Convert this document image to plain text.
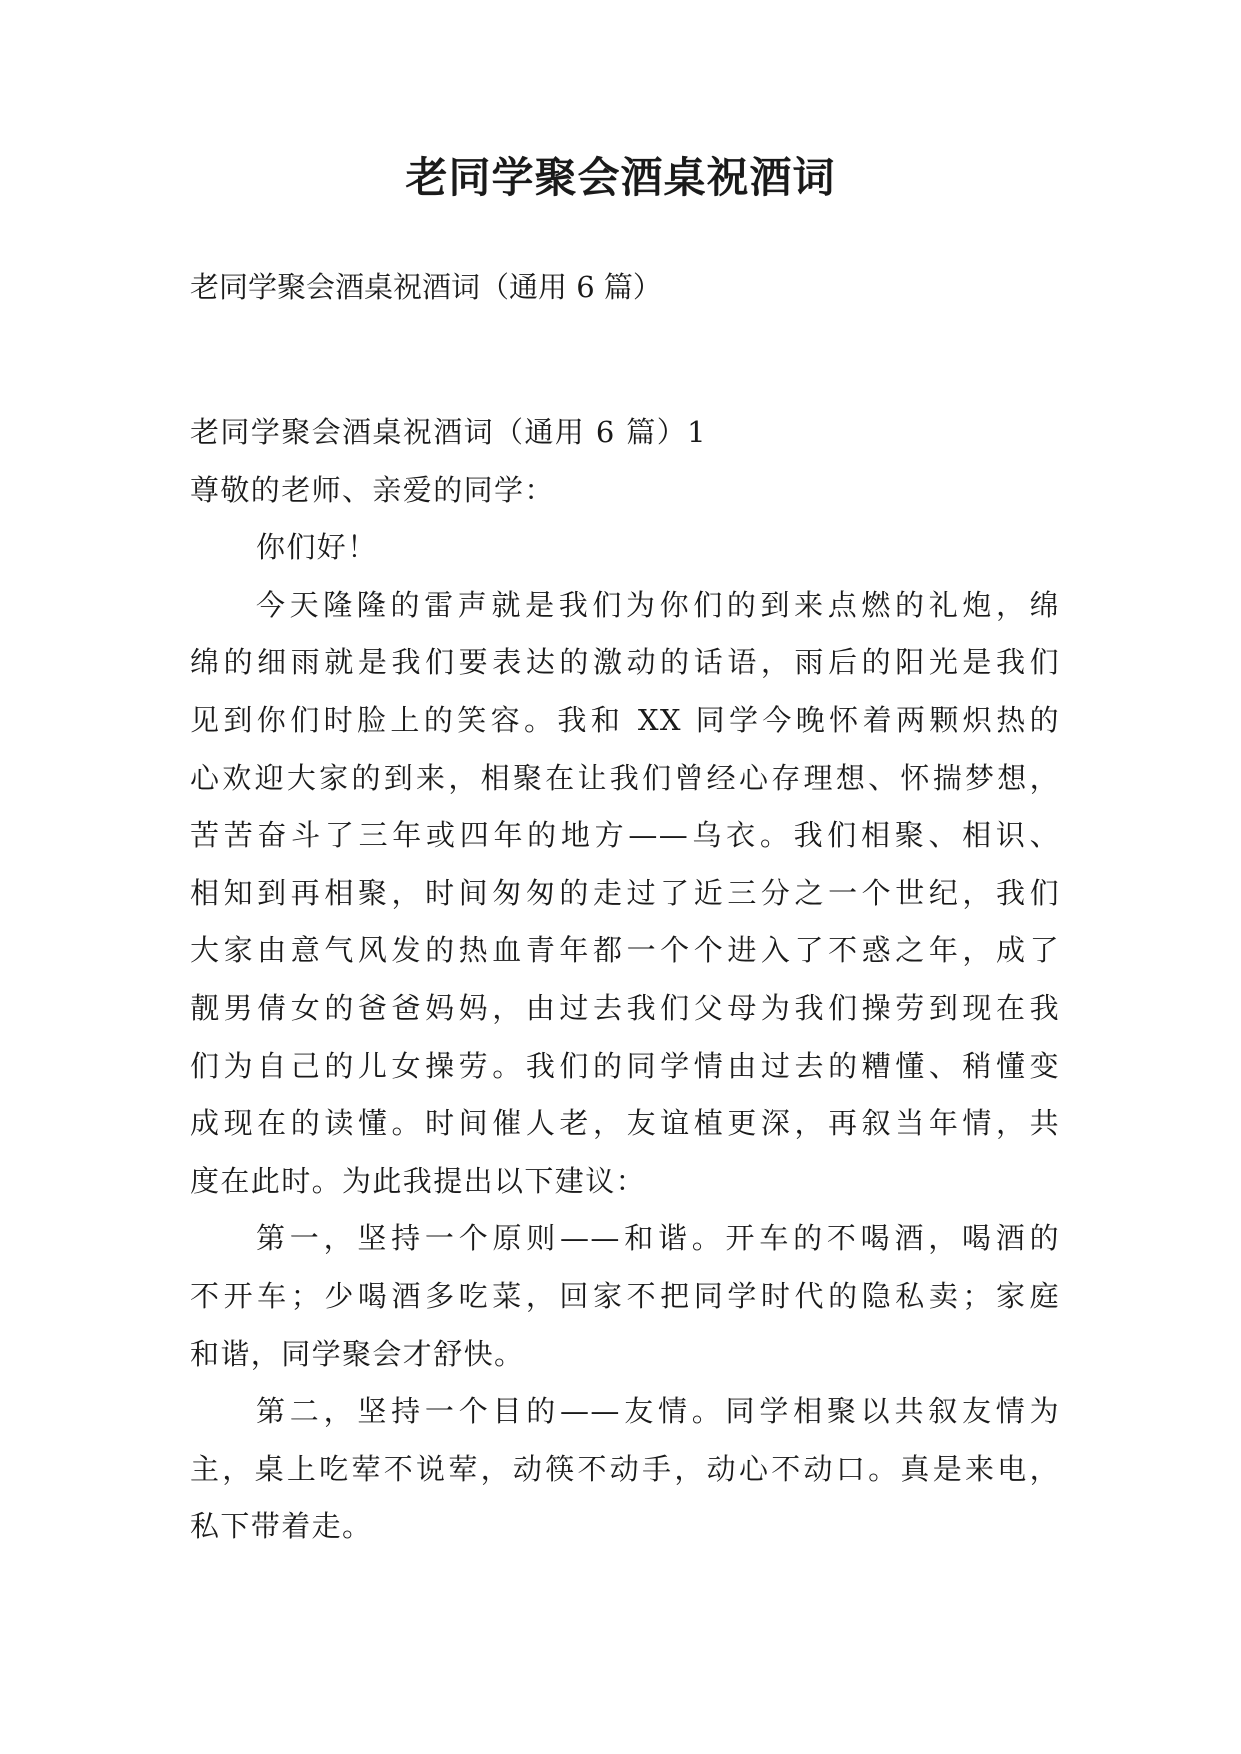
老同学聚会酒桌祝酒词

老同学聚会酒桌祝酒词（通用 6 篇）

老同学聚会酒桌祝酒词（通用 6 篇）1

尊敬的老师、亲爱的同学：

你们好！

今天隆隆的雷声就是我们为你们的到来点燃的礼炮，绵

绵的细雨就是我们要表达的激动的话语，雨后的阳光是我们

见到你们时脸上的笑容。我和 XX 同学今晚怀着两颗炽热的

心欢迎大家的到来，相聚在让我们曾经心存理想、怀揣梦想，

苦苦奋斗了三年或四年的地方——乌衣。我们相聚、相识、

相知到再相聚，时间匆匆的走过了近三分之一个世纪，我们

大家由意气风发的热血青年都一个个进入了不惑之年，成了

靓男倩女的爸爸妈妈，由过去我们父母为我们操劳到现在我

们为自己的儿女操劳。我们的同学情由过去的糟懂、稍懂变

成现在的读懂。时间催人老，友谊植更深，再叙当年情，共

度在此时。为此我提出以下建议：

第一，坚持一个原则——和谐。开车的不喝酒，喝酒的

不开车；少喝酒多吃菜，回家不把同学时代的隐私卖；家庭

和谐，同学聚会才舒快。

第二，坚持一个目的——友情。同学相聚以共叙友情为

主，桌上吃荤不说荤，动筷不动手，动心不动口。真是来电，

私下带着走。
